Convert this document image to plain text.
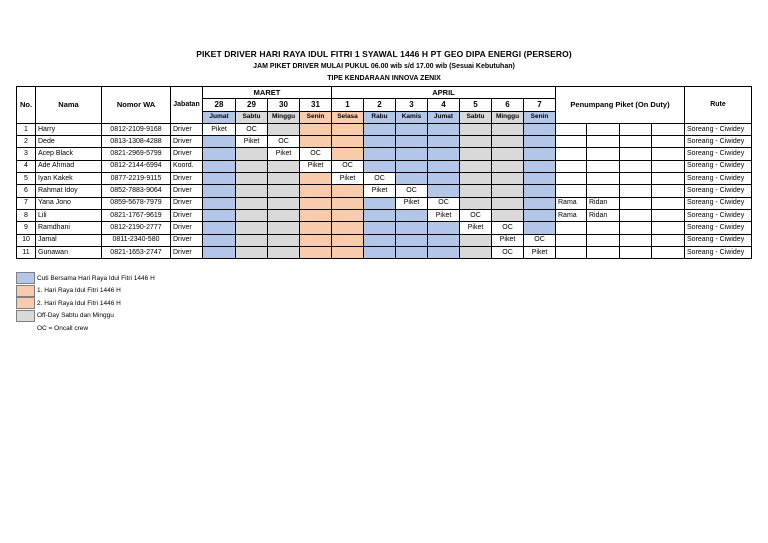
PIKET DRIVER HARI RAYA IDUL FITRI 1 SYAWAL 1446 H PT GEO DIPA ENERGI (PERSERO)
JAM PIKET DRIVER MULAI PUKUL 06.00 wib s/d 17.00 wib (Sesuai Kebutuhan)
TIPE KENDARAAN INNOVA ZENIX
No.	Nama	Nomor WA	Jabatan	MARET				APRIL							Penumpang Piket (On Duty)				Rute
				28	29	30	31	1	2	3	4	5	6	7					
				Jumat	Sabtu	Minggu	Senin	Selasa	Rabu	Kamis	Jumat	Sabtu	Minggu	Senin					
1	Harry	0812-2109-9168	Driver	Piket	OC														Soreang - Ciwidey
2	Dede	0813-1308-4288	Driver		Piket	OC													Soreang - Ciwidey
3	Acep Black	0821-2969-5799	Driver			Piket	OC												Soreang - Ciwidey
4	Ade Ahmad	0812-2144-6994	Koord.				Piket	OC											Soreang - Ciwidey
5	Iyan Kakek	0877-2219-9115	Driver					Piket	OC										Soreang - Ciwidey
6	Rahmat Idoy	0852-7883-9064	Driver						Piket	OC									Soreang - Ciwidey
7	Yana Jono	0859-5678-7979	Driver							Piket	OC				Rama	Ridan			Soreang - Ciwidey
8	Lili	0821-1767-9619	Driver								Piket	OC			Rama	Ridan			Soreang - Ciwidey
9	Ramdhani	0812-2190-2777	Driver									Piket	OC						Soreang - Ciwidey
10	Jamal	0811-2340-580	Driver										Piket	OC					Soreang - Ciwidey
11	Gunawan	0821-1653-2747	Driver										OC	Piket					Soreang - Ciwidey
Cuti Bersama Hari Raya Idul Fitri 1446 H
1. Hari Raya Idul Fitri 1446 H
2. Hari Raya Idul Fitri 1446 H
Off-Day Sabtu dan Minggu
OC = Oncall crew
